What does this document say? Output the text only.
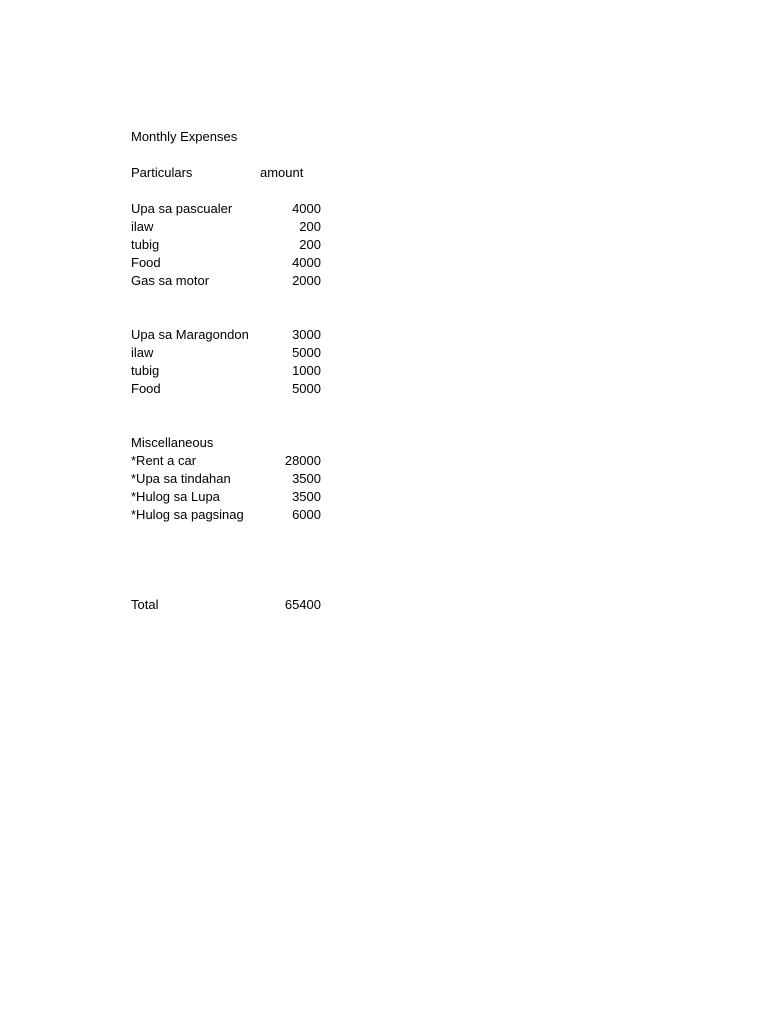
Monthly Expenses
Particulars	amount
Upa sa pascualer	4000
ilaw	200
tubig	200
Food	4000
Gas sa motor	2000
Upa sa Maragondon	3000
ilaw	5000
tubig	1000
Food	5000
Miscellaneous
*Rent a car	28000
*Upa sa tindahan	3500
*Hulog sa Lupa	3500
*Hulog sa pagsinag	6000
Total	65400
